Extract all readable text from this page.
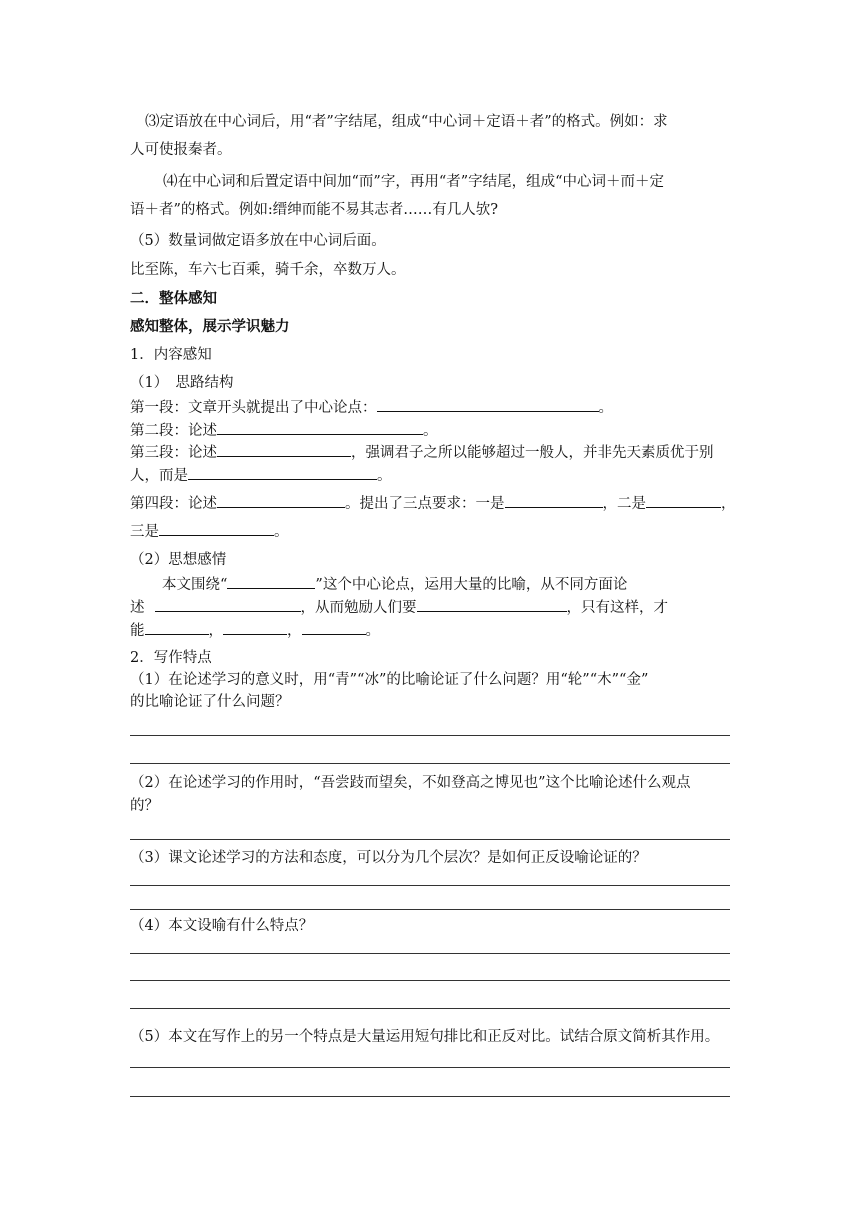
⑶定语放在中心词后，用“者”字结尾，组成“中心词＋定语＋者”的格式。例如：求
人可使报秦者。
⑷在中心词和后置定语中间加“而”字，再用“者”字结尾，组成“中心词＋而＋定
语＋者”的格式。例如:缙绅而能不易其志者……有几人欤?
（5）数量词做定语多放在中心词后面。
比至陈，车六七百乘，骑千余，卒数万人。
二．整体感知
感知整体，展示学识魅力
1．内容感知
（1）　思路结构
第一段：文章开头就提出了中心论点：	。
第二段：论述	。
第三段：论述	，强调君子之所以能够超过一般人，并非先天素质优于别
人，而是	。
第四段：论述	。提出了三点要求：一是	，二是	，
三是	。
（2）思想感情
本文围绕“	”这个中心论点，运用大量的比喻，从不同方面论
述	，从而勉励人们要	，只有这样，才
能	，	，	。
2．写作特点
（1）在论述学习的意义时，用“青”“冰”的比喻论证了什么问题？用“轮”“木”“金”
的比喻论证了什么问题？
（2）在论述学习的作用时，“吾尝跂而望矣，不如登高之博见也”这个比喻论述什么观点
的？
（3）课文论述学习的方法和态度，可以分为几个层次？是如何正反设喻论证的？
（4）本文设喻有什么特点？
（5）本文在写作上的另一个特点是大量运用短句排比和正反对比。试结合原文简析其作用。
